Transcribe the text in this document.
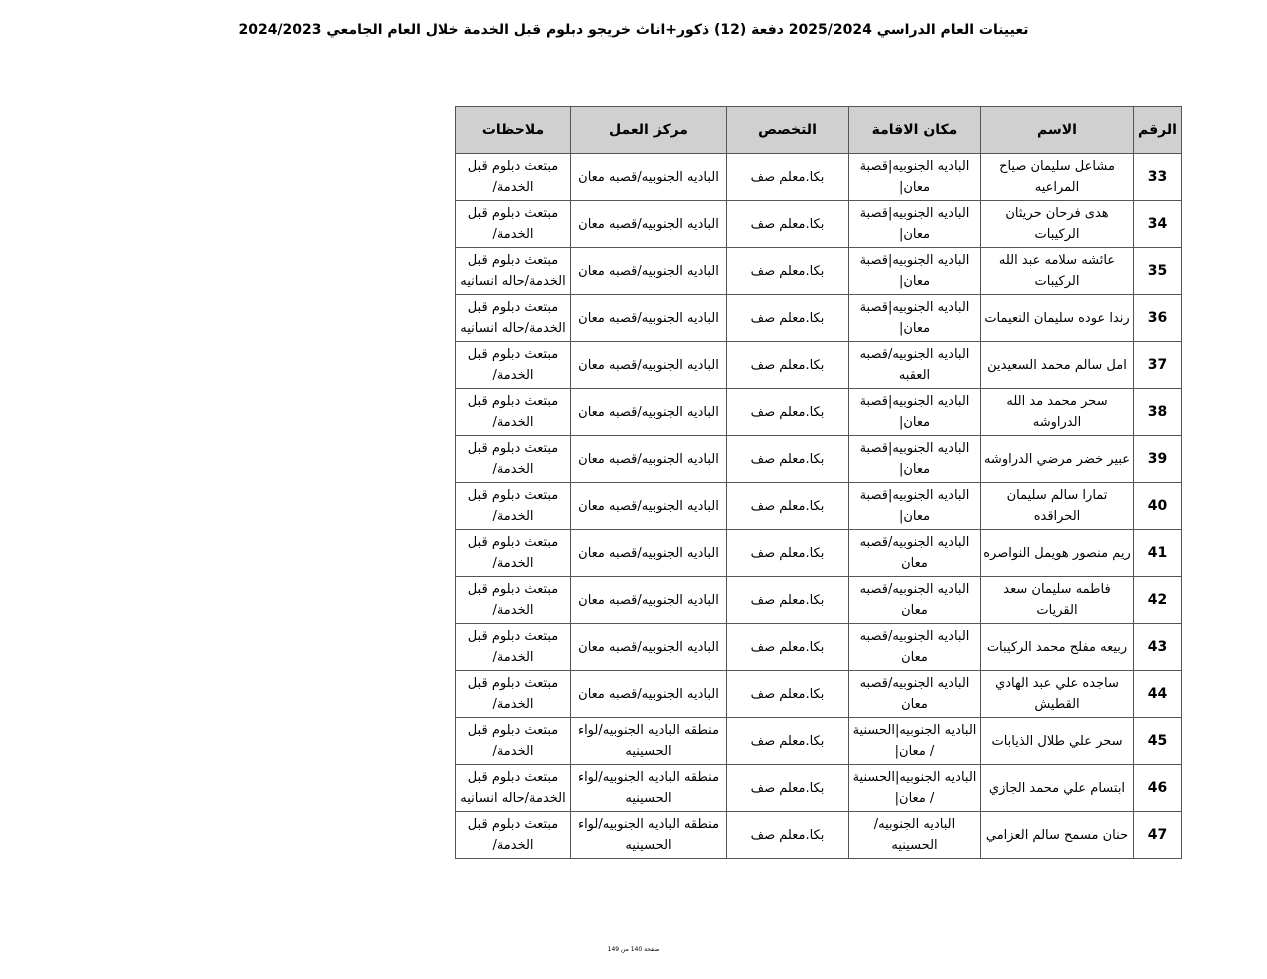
تعيينات العام الدراسي 2025/2024 دفعة (12) ذكور+اناث خريجو دبلوم قبل الخدمة خلال العام الجامعي 2024/2023
الرقم	الاسم	مكان الاقامة	التخصص	مركز العمل	ملاحظات
33	مشاعل سليمان صياح المراعيه	الباديه الجنوبيه|قصبة معان|	بكا.معلم صف	الباديه الجنوبيه/قصبه معان	مبتعث دبلوم قبل الخدمة/
34	هدى فرحان حريثان الركيبات	الباديه الجنوبيه|قصبة معان|	بكا.معلم صف	الباديه الجنوبيه/قصبه معان	مبتعث دبلوم قبل الخدمة/
35	عائشه سلامه عبد الله الركيبات	الباديه الجنوبيه|قصبة معان|	بكا.معلم صف	الباديه الجنوبيه/قصبه معان	مبتعث دبلوم قبل الخدمة/حاله انسانيه
36	رندا عوده سليمان النعيمات	الباديه الجنوبيه|قصبة معان|	بكا.معلم صف	الباديه الجنوبيه/قصبه معان	مبتعث دبلوم قبل الخدمة/حاله انسانيه
37	امل سالم محمد السعيدين	الباديه الجنوبيه/قصبه العقبه	بكا.معلم صف	الباديه الجنوبيه/قصبه معان	مبتعث دبلوم قبل الخدمة/
38	سحر محمد مد الله الدراوشه	الباديه الجنوبيه|قصبة معان|	بكا.معلم صف	الباديه الجنوبيه/قصبه معان	مبتعث دبلوم قبل الخدمة/
39	عبير خضر مرضي الدراوشه	الباديه الجنوبيه|قصبة معان|	بكا.معلم صف	الباديه الجنوبيه/قصبه معان	مبتعث دبلوم قبل الخدمة/
40	تمارا سالم سليمان الحراقده	الباديه الجنوبيه|قصبة معان|	بكا.معلم صف	الباديه الجنوبيه/قصبه معان	مبتعث دبلوم قبل الخدمة/
41	ريم منصور هويمل النواصره	الباديه الجنوبيه/قصبه معان	بكا.معلم صف	الباديه الجنوبيه/قصبه معان	مبتعث دبلوم قبل الخدمة/
42	فاطمه سليمان سعد القريات	الباديه الجنوبيه/قصبه معان	بكا.معلم صف	الباديه الجنوبيه/قصبه معان	مبتعث دبلوم قبل الخدمة/
43	ربيعه مفلح محمد الركيبات	الباديه الجنوبيه/قصبه معان	بكا.معلم صف	الباديه الجنوبيه/قصبه معان	مبتعث دبلوم قبل الخدمة/
44	ساجده علي عبد الهادي القطيش	الباديه الجنوبيه/قصبه معان	بكا.معلم صف	الباديه الجنوبيه/قصبه معان	مبتعث دبلوم قبل الخدمة/
45	سحر علي طلال الذيابات	الباديه الجنوبيه|الحسنية / معان|	بكا.معلم صف	منطقه الباديه الجنوبيه/لواء الحسينيه	مبتعث دبلوم قبل الخدمة/
46	ابتسام علي محمد الجازي	الباديه الجنوبيه|الحسنية / معان|	بكا.معلم صف	منطقه الباديه الجنوبيه/لواء الحسينيه	مبتعث دبلوم قبل الخدمة/حاله انسانيه
47	حنان مسمح سالم العزامي	الباديه الجنوبيه/الحسينيه	بكا.معلم صف	منطقه الباديه الجنوبيه/لواء الحسينيه	مبتعث دبلوم قبل الخدمة/
صفحة 140 من 149
